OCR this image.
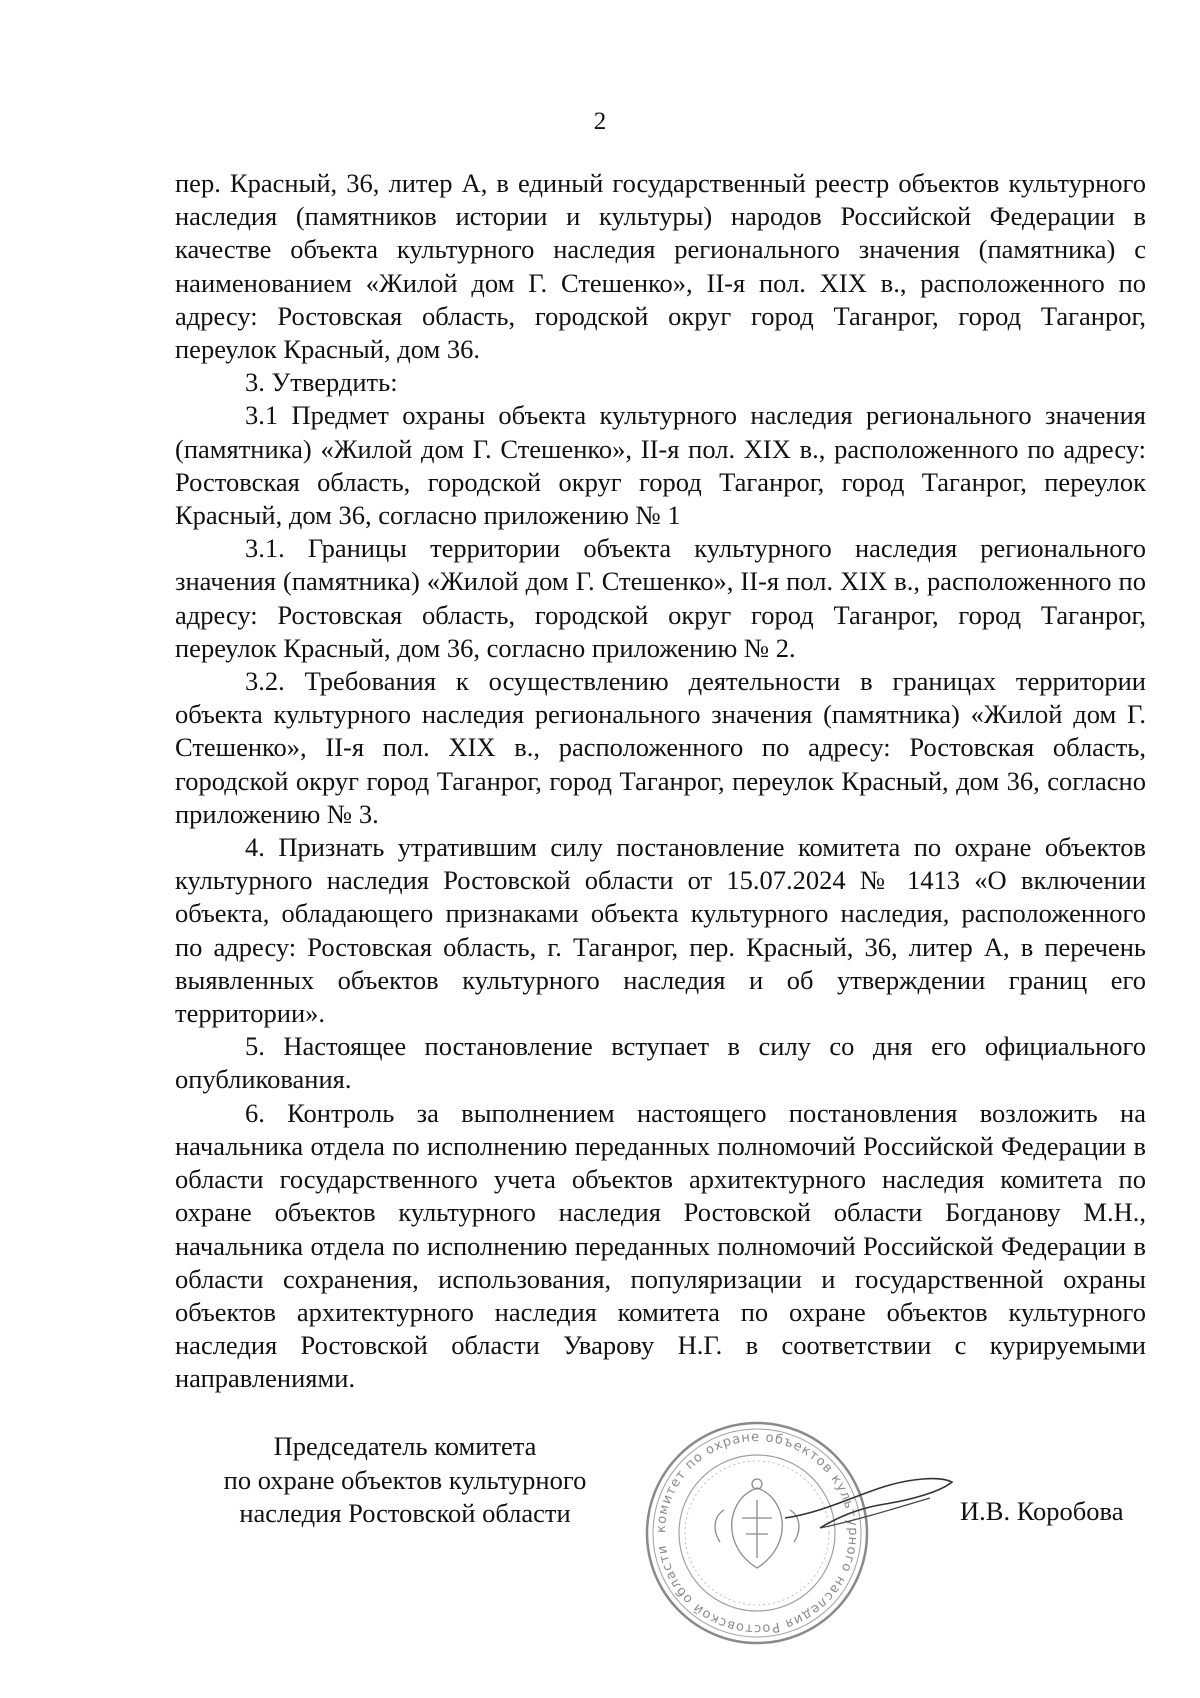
2

пер. Красный, 36, литер А, в единый государственный реестр объектов культурного наследия (памятников истории и культуры) народов Российской Федерации в качестве объекта культурного наследия регионального значения (памятника) с наименованием «Жилой дом Г. Стешенко», II-я пол. XIX в., расположенного по адресу: Ростовская область, городской округ город Таганрог, город Таганрог, переулок Красный, дом 36.

3. Утвердить:

3.1 Предмет охраны объекта культурного наследия регионального значения (памятника) «Жилой дом Г. Стешенко», II-я пол. XIX в., расположенного по адресу: Ростовская область, городской округ город Таганрог, город Таганрог, переулок Красный, дом 36, согласно приложению № 1

3.1. Границы территории объекта культурного наследия регионального значения (памятника) «Жилой дом Г. Стешенко», II-я пол. XIX в., расположенного по адресу: Ростовская область, городской округ город Таганрог, город Таганрог, переулок Красный, дом 36, согласно приложению № 2.

3.2. Требования к осуществлению деятельности в границах территории объекта культурного наследия регионального значения (памятника) «Жилой дом Г. Стешенко», II-я пол. XIX в., расположенного по адресу: Ростовская область, городской округ город Таганрог, город Таганрог, переулок Красный, дом 36, согласно приложению № 3.

4. Признать утратившим силу постановление комитета по охране объектов культурного наследия Ростовской области от 15.07.2024 № 1413 «О включении объекта, обладающего признаками объекта культурного наследия, расположенного по адресу: Ростовская область, г. Таганрог, пер. Красный, 36, литер А, в перечень выявленных объектов культурного наследия и об утверждении границ его территории».

5. Настоящее постановление вступает в силу со дня его официального опубликования.

6. Контроль за выполнением настоящего постановления возложить на начальника отдела по исполнению переданных полномочий Российской Федерации в области государственного учета объектов архитектурного наследия комитета по охране объектов культурного наследия Ростовской области Богданову М.Н., начальника отдела по исполнению переданных полномочий Российской Федерации в области сохранения, использования, популяризации и государственной охраны объектов архитектурного наследия комитета по охране объектов культурного наследия Ростовской области Уварову Н.Г. в соответствии с курируемыми направлениями.

Председатель комитета
по охране объектов культурного
наследия Ростовской области
комитет по охране объектов культурного наследия Ростовской области
И.В. Коробова
